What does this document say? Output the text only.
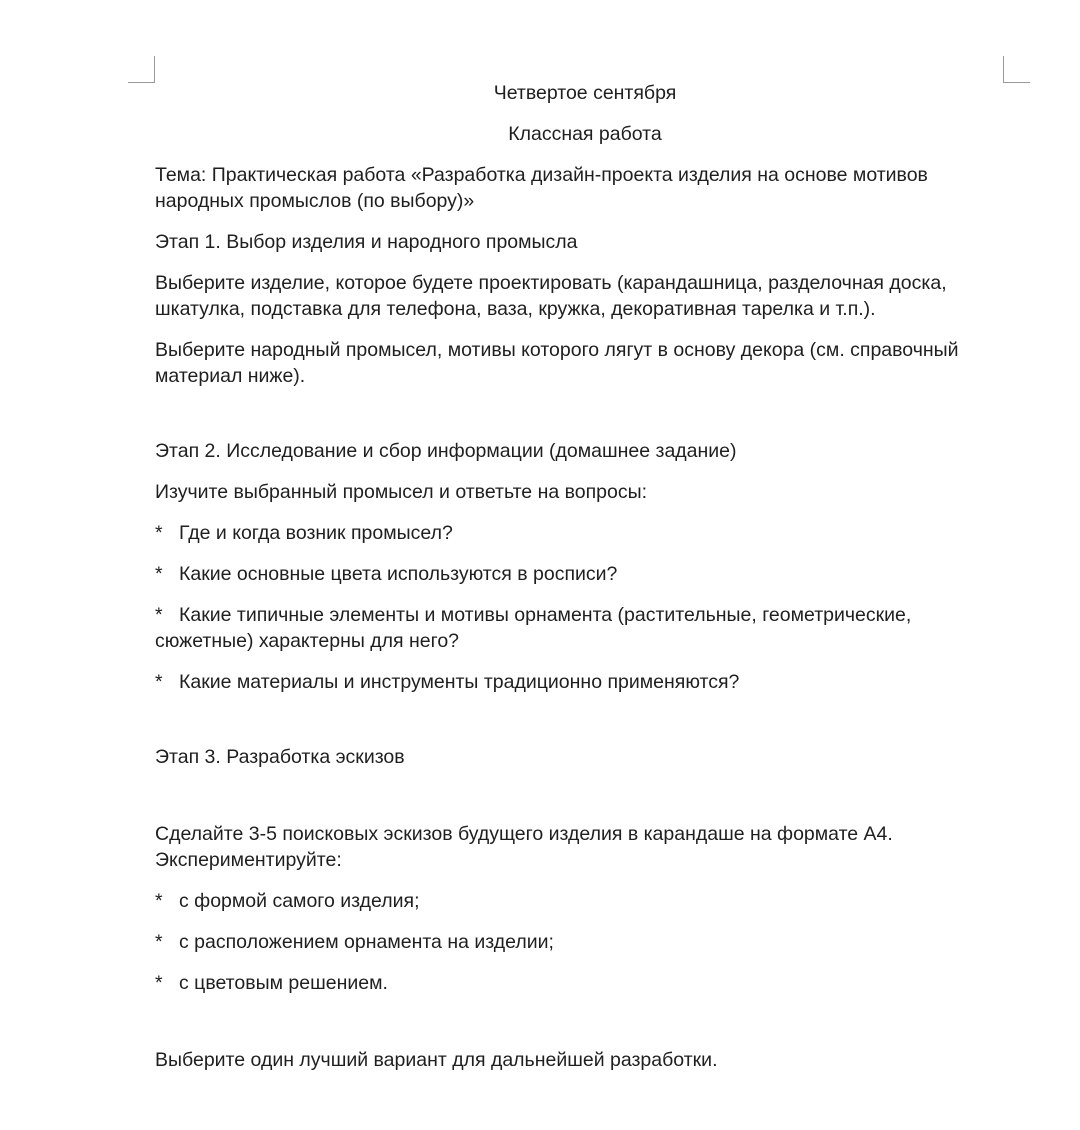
Четвертое сентября

Классная работа

Тема: Практическая работа «Разработка дизайн-проекта изделия на основе мотивов народных промыслов (по выбору)»

Этап 1. Выбор изделия и народного промысла

Выберите изделие, которое будете проектировать (карандашница, разделочная доска, шкатулка, подставка для телефона, ваза, кружка, декоративная тарелка и т.п.).

Выберите народный промысел, мотивы которого лягут в основу декора (см. справочный материал ниже).

Этап 2. Исследование и сбор информации (домашнее задание)

Изучите выбранный промысел и ответьте на вопросы:

* Где и когда возник промысел?

* Какие основные цвета используются в росписи?

* Какие типичные элементы и мотивы орнамента (растительные, геометрические, сюжетные) характерны для него?

* Какие материалы и инструменты традиционно применяются?

Этап 3. Разработка эскизов

Сделайте 3-5 поисковых эскизов будущего изделия в карандаше на формате А4. Экспериментируйте:

* с формой самого изделия;

* с расположением орнамента на изделии;

* с цветовым решением.

Выберите один лучший вариант для дальнейшей разработки.
